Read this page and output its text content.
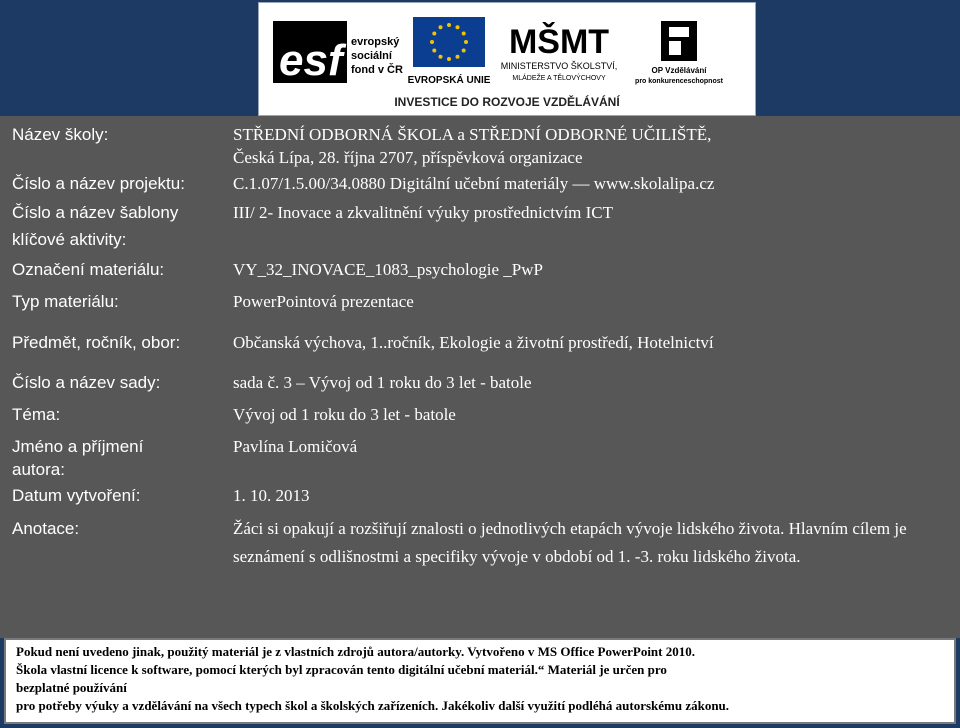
esf evropský
sociální
fond v ČR
EVROPSKÁ UNIE
MŠMT
MINISTERSTVO ŠKOLSTVÍ,
MLÁDEŽE A TĚLOVÝCHOVY
OP Vzdělávání
pro konkurenceschopnost
INVESTICE DO ROZVOJE VZDĚLÁVÁNÍ
Název školy:	STŘEDNÍ ODBORNÁ ŠKOLA a STŘEDNÍ ODBORNÉ UČILIŠTĚ,
Česká Lípa, 28. října 2707, příspěvková organizace
Číslo a název projektu:	C.1.07/1.5.00/34.0880 Digitální učební materiály — www.skolalipa.cz
Číslo a název šablony
klíčové aktivity:
III/ 2- Inovace a zkvalitnění výuky prostřednictvím ICT
Označení materiálu:	VY_32_INOVACE_1083_psychologie _PwP
Typ materiálu:	PowerPointová prezentace
Předmět, ročník, obor:	Občanská výchova, 1..ročník, Ekologie a životní prostředí, Hotelnictví
Číslo a název sady:	sada č. 3 – Vývoj od 1 roku do 3 let - batole
Téma:	Vývoj od 1 roku do 3 let - batole
Jméno a příjmení
autora:
Pavlína Lomičová
Datum vytvoření:	1. 10. 2013
Anotace:	Žáci si opakují a rozšiřují znalosti o jednotlivých etapách vývoje lidského života. Hlavním cílem je seznámení s odlišnostmi a specifiky vývoje v období od 1. -3. roku lidského života.

Pokud není uvedeno jinak, použitý materiál je z vlastních zdrojů autora/autorky. Vytvořeno v MS Office PowerPoint 2010.

Škola vlastní licence k software, pomocí kterých byl zpracován tento digitální učební materiál.“ Materiál je určen pro

bezplatné používání

pro potřeby výuky a vzdělávání na všech typech škol a školských zařízeních. Jakékoliv další využití podléhá autorskému zákonu.
